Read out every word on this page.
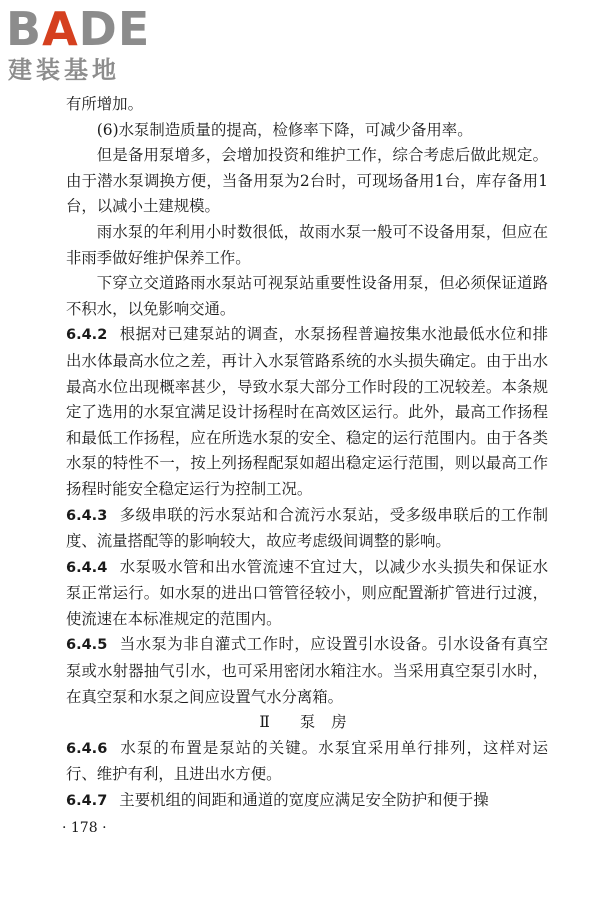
BADE
建装基地

有所增加。

(6)水泵制造质量的提高，检修率下降，可减少备用率。

但是备用泵增多，会增加投资和维护工作，综合考虑后做此规定。由于潜水泵调换方便，当备用泵为2台时，可现场备用1台，库存备用1台，以减小土建规模。

雨水泵的年利用小时数很低，故雨水泵一般可不设备用泵，但应在非雨季做好维护保养工作。

下穿立交道路雨水泵站可视泵站重要性设备用泵，但必须保证道路不积水，以免影响交通。

6.4.2 根据对已建泵站的调查，水泵扬程普遍按集水池最低水位和排出水体最高水位之差，再计入水泵管路系统的水头损失确定。由于出水最高水位出现概率甚少，导致水泵大部分工作时段的工况较差。本条规定了选用的水泵宜满足设计扬程时在高效区运行。此外，最高工作扬程和最低工作扬程，应在所选水泵的安全、稳定的运行范围内。由于各类水泵的特性不一，按上列扬程配泵如超出稳定运行范围，则以最高工作扬程时能安全稳定运行为控制工况。

6.4.3 多级串联的污水泵站和合流污水泵站，受多级串联后的工作制度、流量搭配等的影响较大，故应考虑级间调整的影响。

6.4.4 水泵吸水管和出水管流速不宜过大，以减少水头损失和保证水泵正常运行。如水泵的进出口管管径较小，则应配置渐扩管进行过渡，使流速在本标准规定的范围内。

6.4.5 当水泵为非自灌式工作时，应设置引水设备。引水设备有真空泵或水射器抽气引水，也可采用密闭水箱注水。当采用真空泵引水时，在真空泵和水泵之间应设置气水分离箱。

Ⅱ 泵 房

6.4.6 水泵的布置是泵站的关键。水泵宜采用单行排列，这样对运行、维护有利，且进出水方便。

6.4.7 主要机组的间距和通道的宽度应满足安全防护和便于操

· 178 ·
